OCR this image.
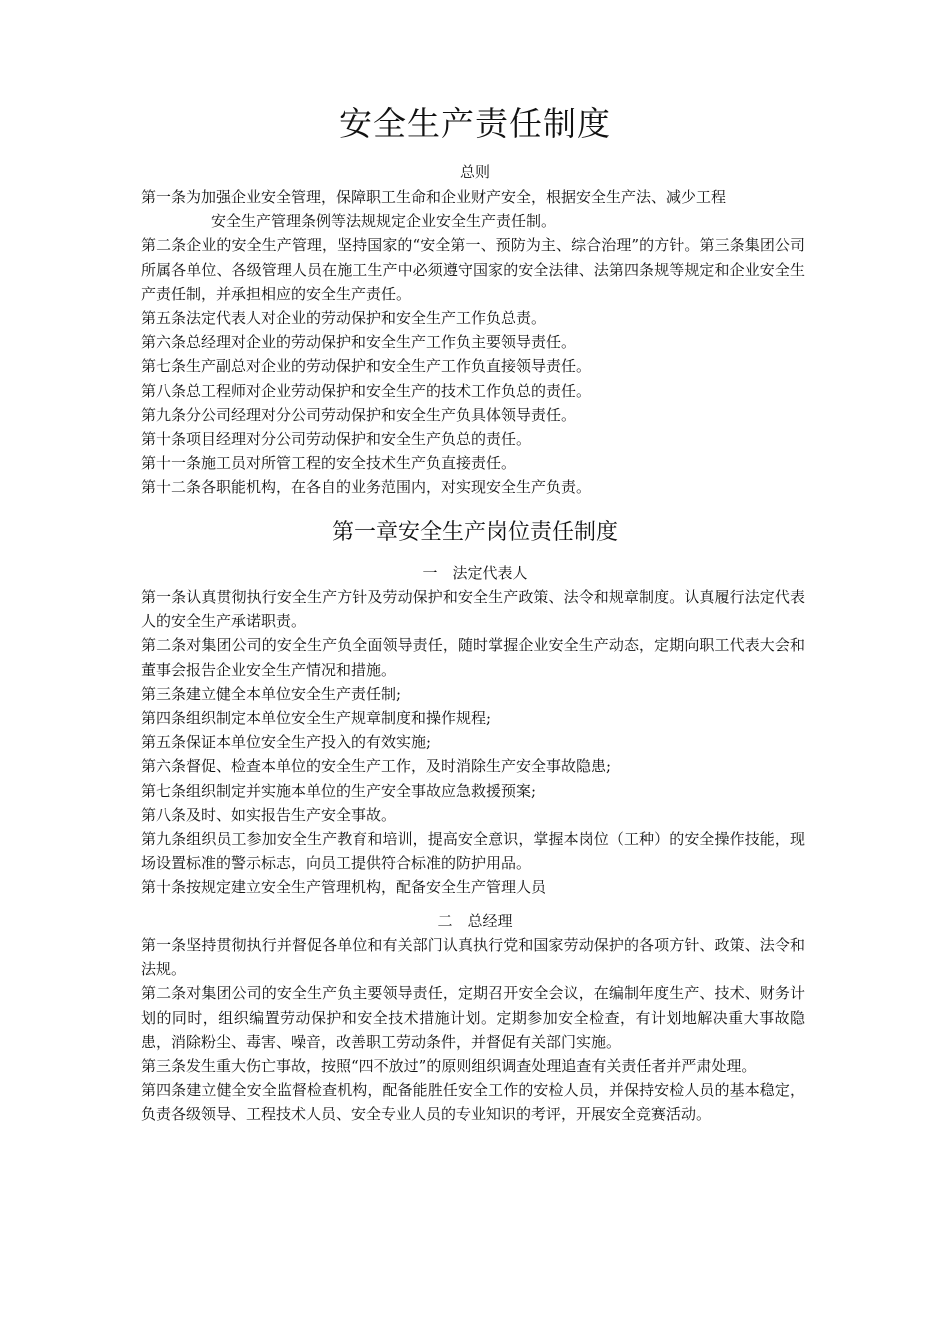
安全生产责任制度
总则

第一条为加强企业安全管理，保障职工生命和企业财产安全，根据安全生产法、减少工程

安全生产管理条例等法规规定企业安全生产责任制。

第二条企业的安全生产管理，坚持国家的“安全第一、预防为主、综合治理”的方针。第三条集团公司所属各单位、各级管理人员在施工生产中必须遵守国家的安全法律、法第四条规等规定和企业安全生产责任制，并承担相应的安全生产责任。

第五条法定代表人对企业的劳动保护和安全生产工作负总责。

第六条总经理对企业的劳动保护和安全生产工作负主要领导责任。

第七条生产副总对企业的劳动保护和安全生产工作负直接领导责任。

第八条总工程师对企业劳动保护和安全生产的技术工作负总的责任。

第九条分公司经理对分公司劳动保护和安全生产负具体领导责任。

第十条项目经理对分公司劳动保护和安全生产负总的责任。

第十一条施工员对所管工程的安全技术生产负直接责任。

第十二条各职能机构，在各自的业务范围内，对实现安全生产负责。

第一章安全生产岗位责任制度
一　法定代表人

第一条认真贯彻执行安全生产方针及劳动保护和安全生产政策、法令和规章制度。认真履行法定代表人的安全生产承诺职责。

第二条对集团公司的安全生产负全面领导责任，随时掌握企业安全生产动态，定期向职工代表大会和董事会报告企业安全生产情况和措施。

第三条建立健全本单位安全生产责任制;

第四条组织制定本单位安全生产规章制度和操作规程;

第五条保证本单位安全生产投入的有效实施;

第六条督促、检查本单位的安全生产工作，及时消除生产安全事故隐患;

第七条组织制定并实施本单位的生产安全事故应急救援预案;

第八条及时、如实报告生产安全事故。

第九条组织员工参加安全生产教育和培训，提高安全意识，掌握本岗位（工种）的安全操作技能，现场设置标准的警示标志，向员工提供符合标准的防护用品。

第十条按规定建立安全生产管理机构，配备安全生产管理人员

二　总经理

第一条坚持贯彻执行并督促各单位和有关部门认真执行党和国家劳动保护的各项方针、政策、法令和法规。

第二条对集团公司的安全生产负主要领导责任，定期召开安全会议，在编制年度生产、技术、财务计划的同时，组织编置劳动保护和安全技术措施计划。定期参加安全检查，有计划地解决重大事故隐患，消除粉尘、毒害、噪音，改善职工劳动条件，并督促有关部门实施。

第三条发生重大伤亡事故，按照“四不放过”的原则组织调查处理追查有关责任者并严肃处理。

第四条建立健全安全监督检查机构，配备能胜任安全工作的安检人员，并保持安检人员的基本稳定，负责各级领导、工程技术人员、安全专业人员的专业知识的考评，开展安全竞赛活动。
